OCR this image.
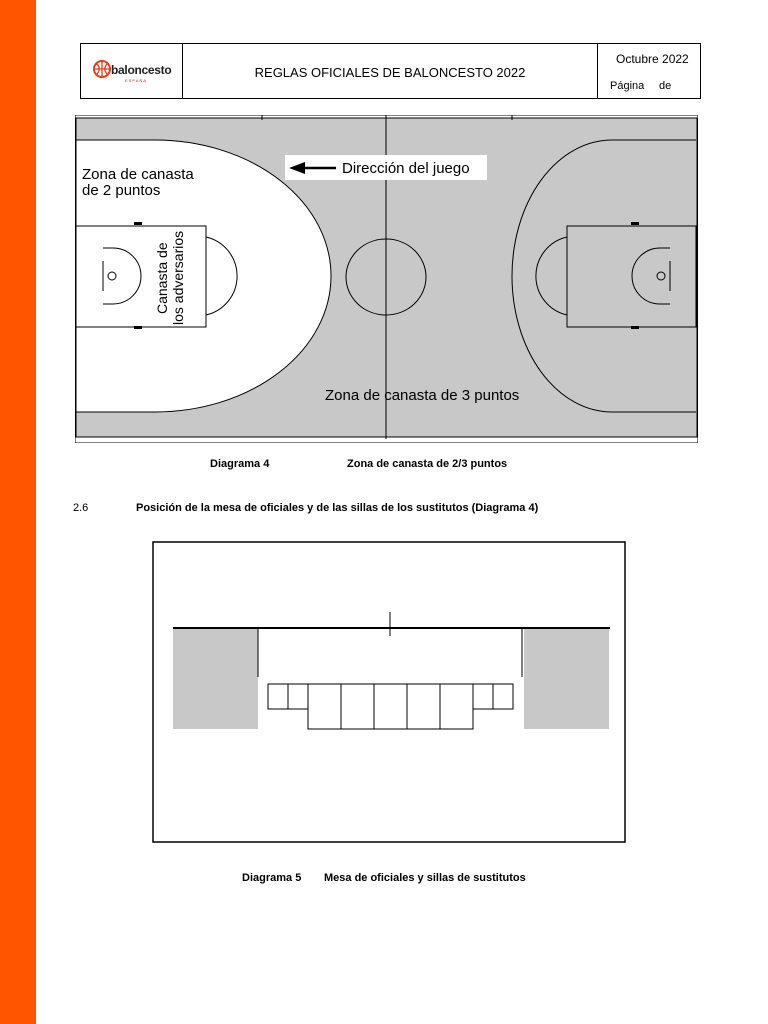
baloncesto
ESPAÑA
REGLAS OFICIALES DE BALONCESTO 2022
Octubre 2022
Página de
Dirección del juego
Zona de canasta
de 2 puntos
Canasta de los adversarios
Zona de canasta de 3 puntos
Diagrama 4	Zona de canasta de 2/3 puntos
2.6	Posición de la mesa de oficiales y de las sillas de los sustitutos (Diagrama 4)
Diagrama 5 Mesa de oficiales y sillas de sustitutos
